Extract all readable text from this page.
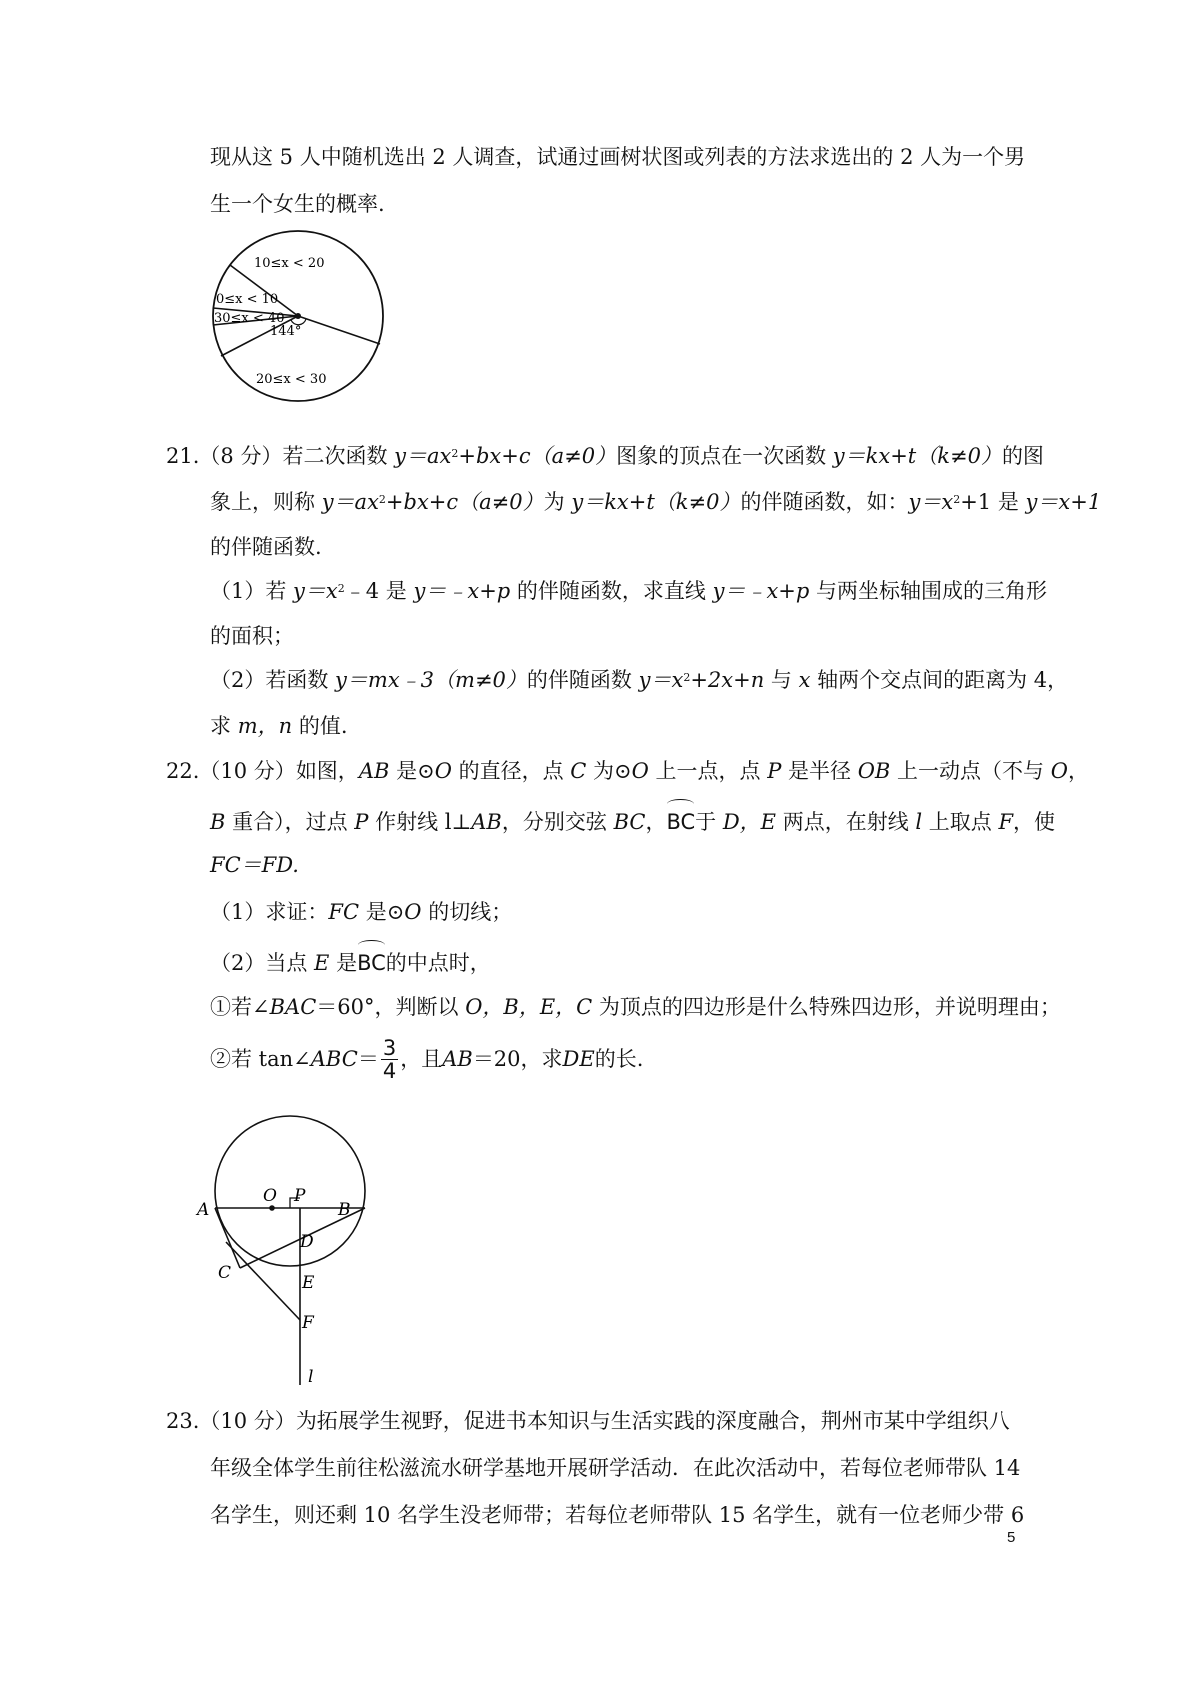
现从这 5 人中随机选出 2 人调查，试通过画树状图或列表的方法求选出的 2 人为一个男
生一个女生的概率.
10≤x < 20
0≤x < 10
30≤x < 40
144°
20≤x < 30
21.（8 分）若二次函数 $y=ax^2+bx+c(a\ne 0)$图象的顶点在一次函数 y＝kx+t（k≠0）的图
象上，则称 $y=ax^2+bx+c(a\ne 0)$为 y＝kx+t（k≠0）的伴随函数，如：$y=x^2+1$ 是 y＝x+1
的伴随函数.
（1）若 $y=x^2﹣4$ 是 y＝﹣x+p 的伴随函数，求直线 y＝﹣x+p 与两坐标轴围成的三角形
的面积；
（2）若函数 y＝mx﹣3（m≠0）的伴随函数 $y=x^2+2x+n$ 与 x 轴两个交点间的距离为 4，
求 m，n 的值.
22.（10 分）如图，AB 是⊙O 的直径，点 C 为⊙O 上一点，点 P 是半径 OB 上一动点（不与 O，
B 重合），过点 P 作射线 l⊥AB，分别交弦 BC，BC于 D，E 两点，在射线 l 上取点 F，使
FC＝FD.
（1）求证：FC 是⊙O 的切线；
（2）当点 E 是BC的中点时，
①若∠BAC＝60°，判断以 O，B，E，C 为顶点的四边形是什么特殊四边形，并说明理由；
②若 tan∠ ABC ＝ $\frac{3}{4}$ ，且 AB ＝20，求 DE 的长.
A
O P
B
D
C	E
F
l
23.（10 分）为拓展学生视野，促进书本知识与生活实践的深度融合，荆州市某中学组织八
年级全体学生前往松滋流水研学基地开展研学活动．在此次活动中，若每位老师带队 14
名学生，则还剩 10 名学生没老师带；若每位老师带队 15 名学生，就有一位老师少带 6
5
